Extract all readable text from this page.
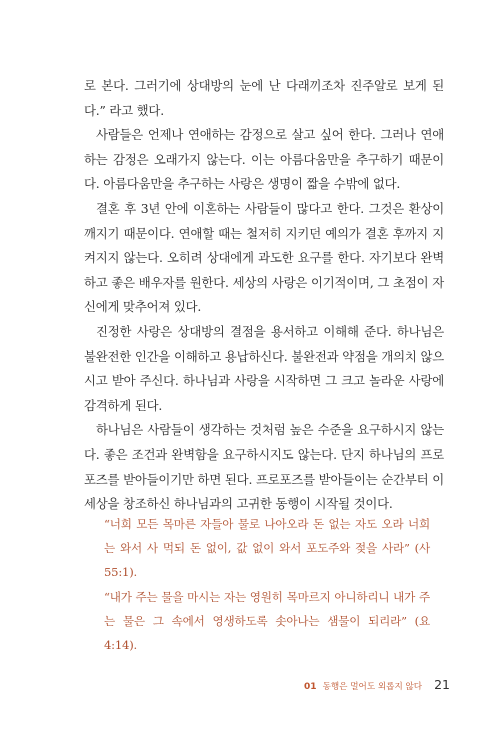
로 본다. 그러기에 상대방의 눈에 난 다래끼조차 진주알로 보게 된다.” 라고 했다.

사람들은 언제나 연애하는 감정으로 살고 싶어 한다. 그러나 연애하는 감정은 오래가지 않는다. 이는 아름다움만을 추구하기 때문이다. 아름다움만을 추구하는 사랑은 생명이 짧을 수밖에 없다.

결혼 후 3년 안에 이혼하는 사람들이 많다고 한다. 그것은 환상이 깨지기 때문이다. 연애할 때는 철저히 지키던 예의가 결혼 후까지 지켜지지 않는다. 오히려 상대에게 과도한 요구를 한다. 자기보다 완벽하고 좋은 배우자를 원한다. 세상의 사랑은 이기적이며, 그 초점이 자신에게 맞추어져 있다.

진정한 사랑은 상대방의 결점을 용서하고 이해해 준다. 하나님은 불완전한 인간을 이해하고 용납하신다. 불완전과 약점을 개의치 않으시고 받아 주신다. 하나님과 사랑을 시작하면 그 크고 놀라운 사랑에 감격하게 된다.

하나님은 사람들이 생각하는 것처럼 높은 수준을 요구하시지 않는다. 좋은 조건과 완벽함을 요구하시지도 않는다. 단지 하나님의 프로포즈를 받아들이기만 하면 된다. 프로포즈를 받아들이는 순간부터 이 세상을 창조하신 하나님과의 고귀한 동행이 시작될 것이다.

“너희 모든 목마른 자들아 물로 나아오라 돈 없는 자도 오라 너희는 와서 사 먹되 돈 없이, 값 없이 와서 포도주와 젖을 사라” (사 55:1).

“내가 주는 물을 마시는 자는 영원히 목마르지 아니하리니 내가 주는 물은 그 속에서 영생하도록 솟아나는 샘물이 되리라” (요 4:14).

01 동행은 멀어도 외롭지 않다 21
